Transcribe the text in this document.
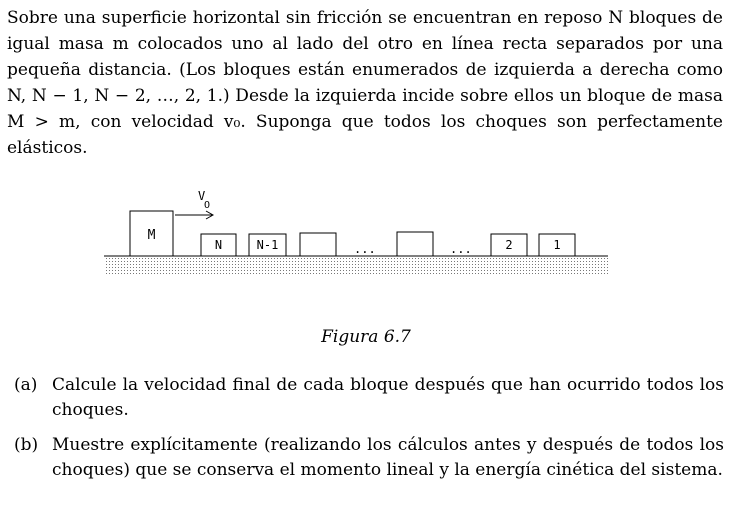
Sobre una superficie horizontal sin fricción se encuentran en reposo N bloques de igual masa m colocados uno al lado del otro en línea recta separados por una pequeña distancia. (Los bloques están enumerados de izquierda a derecha como N, N − 1, N − 2, …, 2, 1.) Desde la izquierda incide sobre ellos un bloque de masa M > m, con velocidad v₀. Suponga que todos los choques son perfectamente elásticos.
M
V
O
N	N-1	...	...	2	1
Figura 6.7
(a) Calcule la velocidad final de cada bloque después que han ocurrido todos los choques.
(b) Muestre explícitamente (realizando los cálculos antes y después de todos los choques) que se conserva el momento lineal y la energía cinética del sistema.
